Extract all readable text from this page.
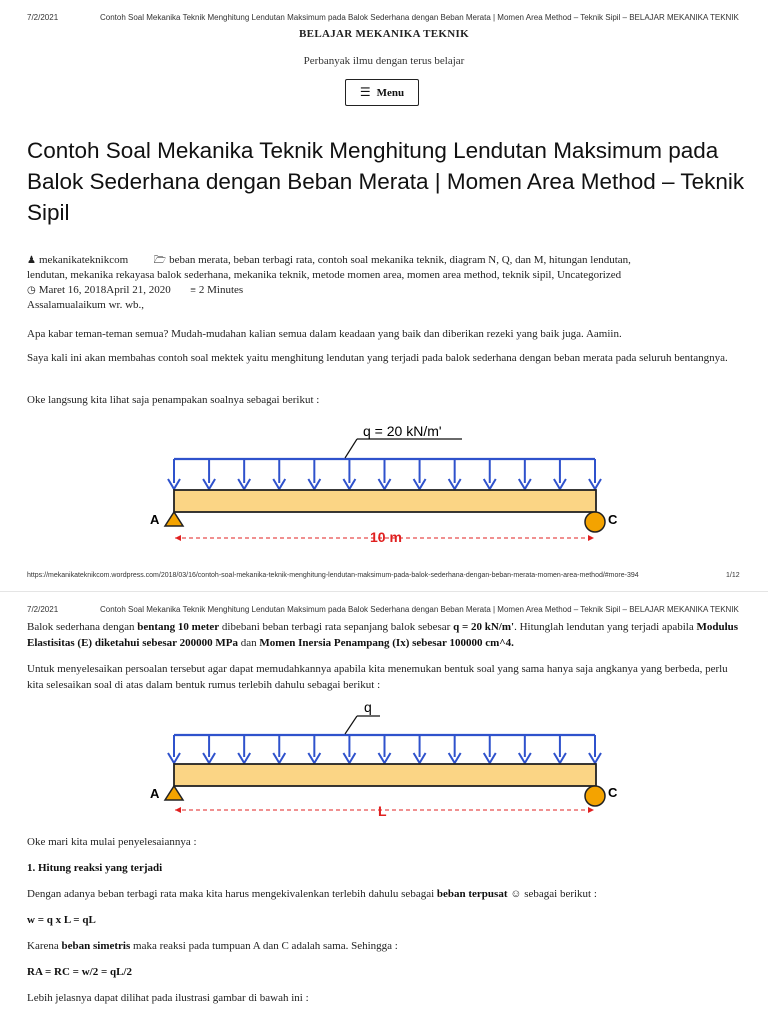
7/2/2021	Contoh Soal Mekanika Teknik Menghitung Lendutan Maksimum pada Balok Sederhana dengan Beban Merata | Momen Area Method – Teknik Sipil – BELAJAR MEKANIKA TEKNIK
BELAJAR MEKANIKA TEKNIK
Perbanyak ilmu dengan terus belajar
☰ Menu
Contoh Soal Mekanika Teknik Menghitung Lendutan Maksimum pada Balok Sederhana dengan Beban Merata | Momen Area Method – Teknik Sipil
♟ mekanikateknikcom	🗁 beban merata, beban terbagi rata, contoh soal mekanika teknik, diagram N, Q, dan M, hitungan lendutan,
lendutan, mekanika rekayasa balok sederhana, mekanika teknik, metode momen area, momen area method, teknik sipil, Uncategorized
◷ Maret 16, 2018April 21, 2020 ≡ 2 Minutes
Assalamualaikum wr. wb.,

Apa kabar teman-teman semua? Mudah-mudahan kalian semua dalam keadaan yang baik dan diberikan rezeki yang baik juga. Aamiin.

Saya kali ini akan membahas contoh soal mektek yaitu menghitung lendutan yang terjadi pada balok sederhana dengan beban merata pada seluruh bentangnya.

Oke langsung kita lihat saja penampakan soalnya sebagai berikut :

q = 20 kN/m'
A	C
10 m
https://mekanikateknikcom.wordpress.com/2018/03/16/contoh-soal-mekanika-teknik-menghitung-lendutan-maksimum-pada-balok-sederhana-dengan-beban-merata-momen-area-method/#more-394	1/12
7/2/2021	Contoh Soal Mekanika Teknik Menghitung Lendutan Maksimum pada Balok Sederhana dengan Beban Merata | Momen Area Method – Teknik Sipil – BELAJAR MEKANIKA TEKNIK

Balok sederhana dengan bentang 10 meter dibebani beban terbagi rata sepanjang balok sebesar q = 20 kN/m'. Hitunglah lendutan yang terjadi apabila Modulus Elastisitas (E) diketahui sebesar 200000 MPa dan Momen Inersia Penampang (Ix) sebesar 100000 cm^4.

Untuk menyelesaikan persoalan tersebut agar dapat memudahkannya apabila kita menemukan bentuk soal yang sama hanya saja angkanya yang berbeda, perlu kita selesaikan soal di atas dalam bentuk rumus terlebih dahulu sebagai berikut :

q
A	C
L

Oke mari kita mulai penyelesaiannya :

1. Hitung reaksi yang terjadi

Dengan adanya beban terbagi rata maka kita harus mengekivalenkan terlebih dahulu sebagai beban terpusat ☺ sebagai berikut :

w = q x L = qL

Karena beban simetris maka reaksi pada tumpuan A dan C adalah sama. Sehingga :

RA = RC = w/2 = qL/2

Lebih jelasnya dapat dilihat pada ilustrasi gambar di bawah ini :
